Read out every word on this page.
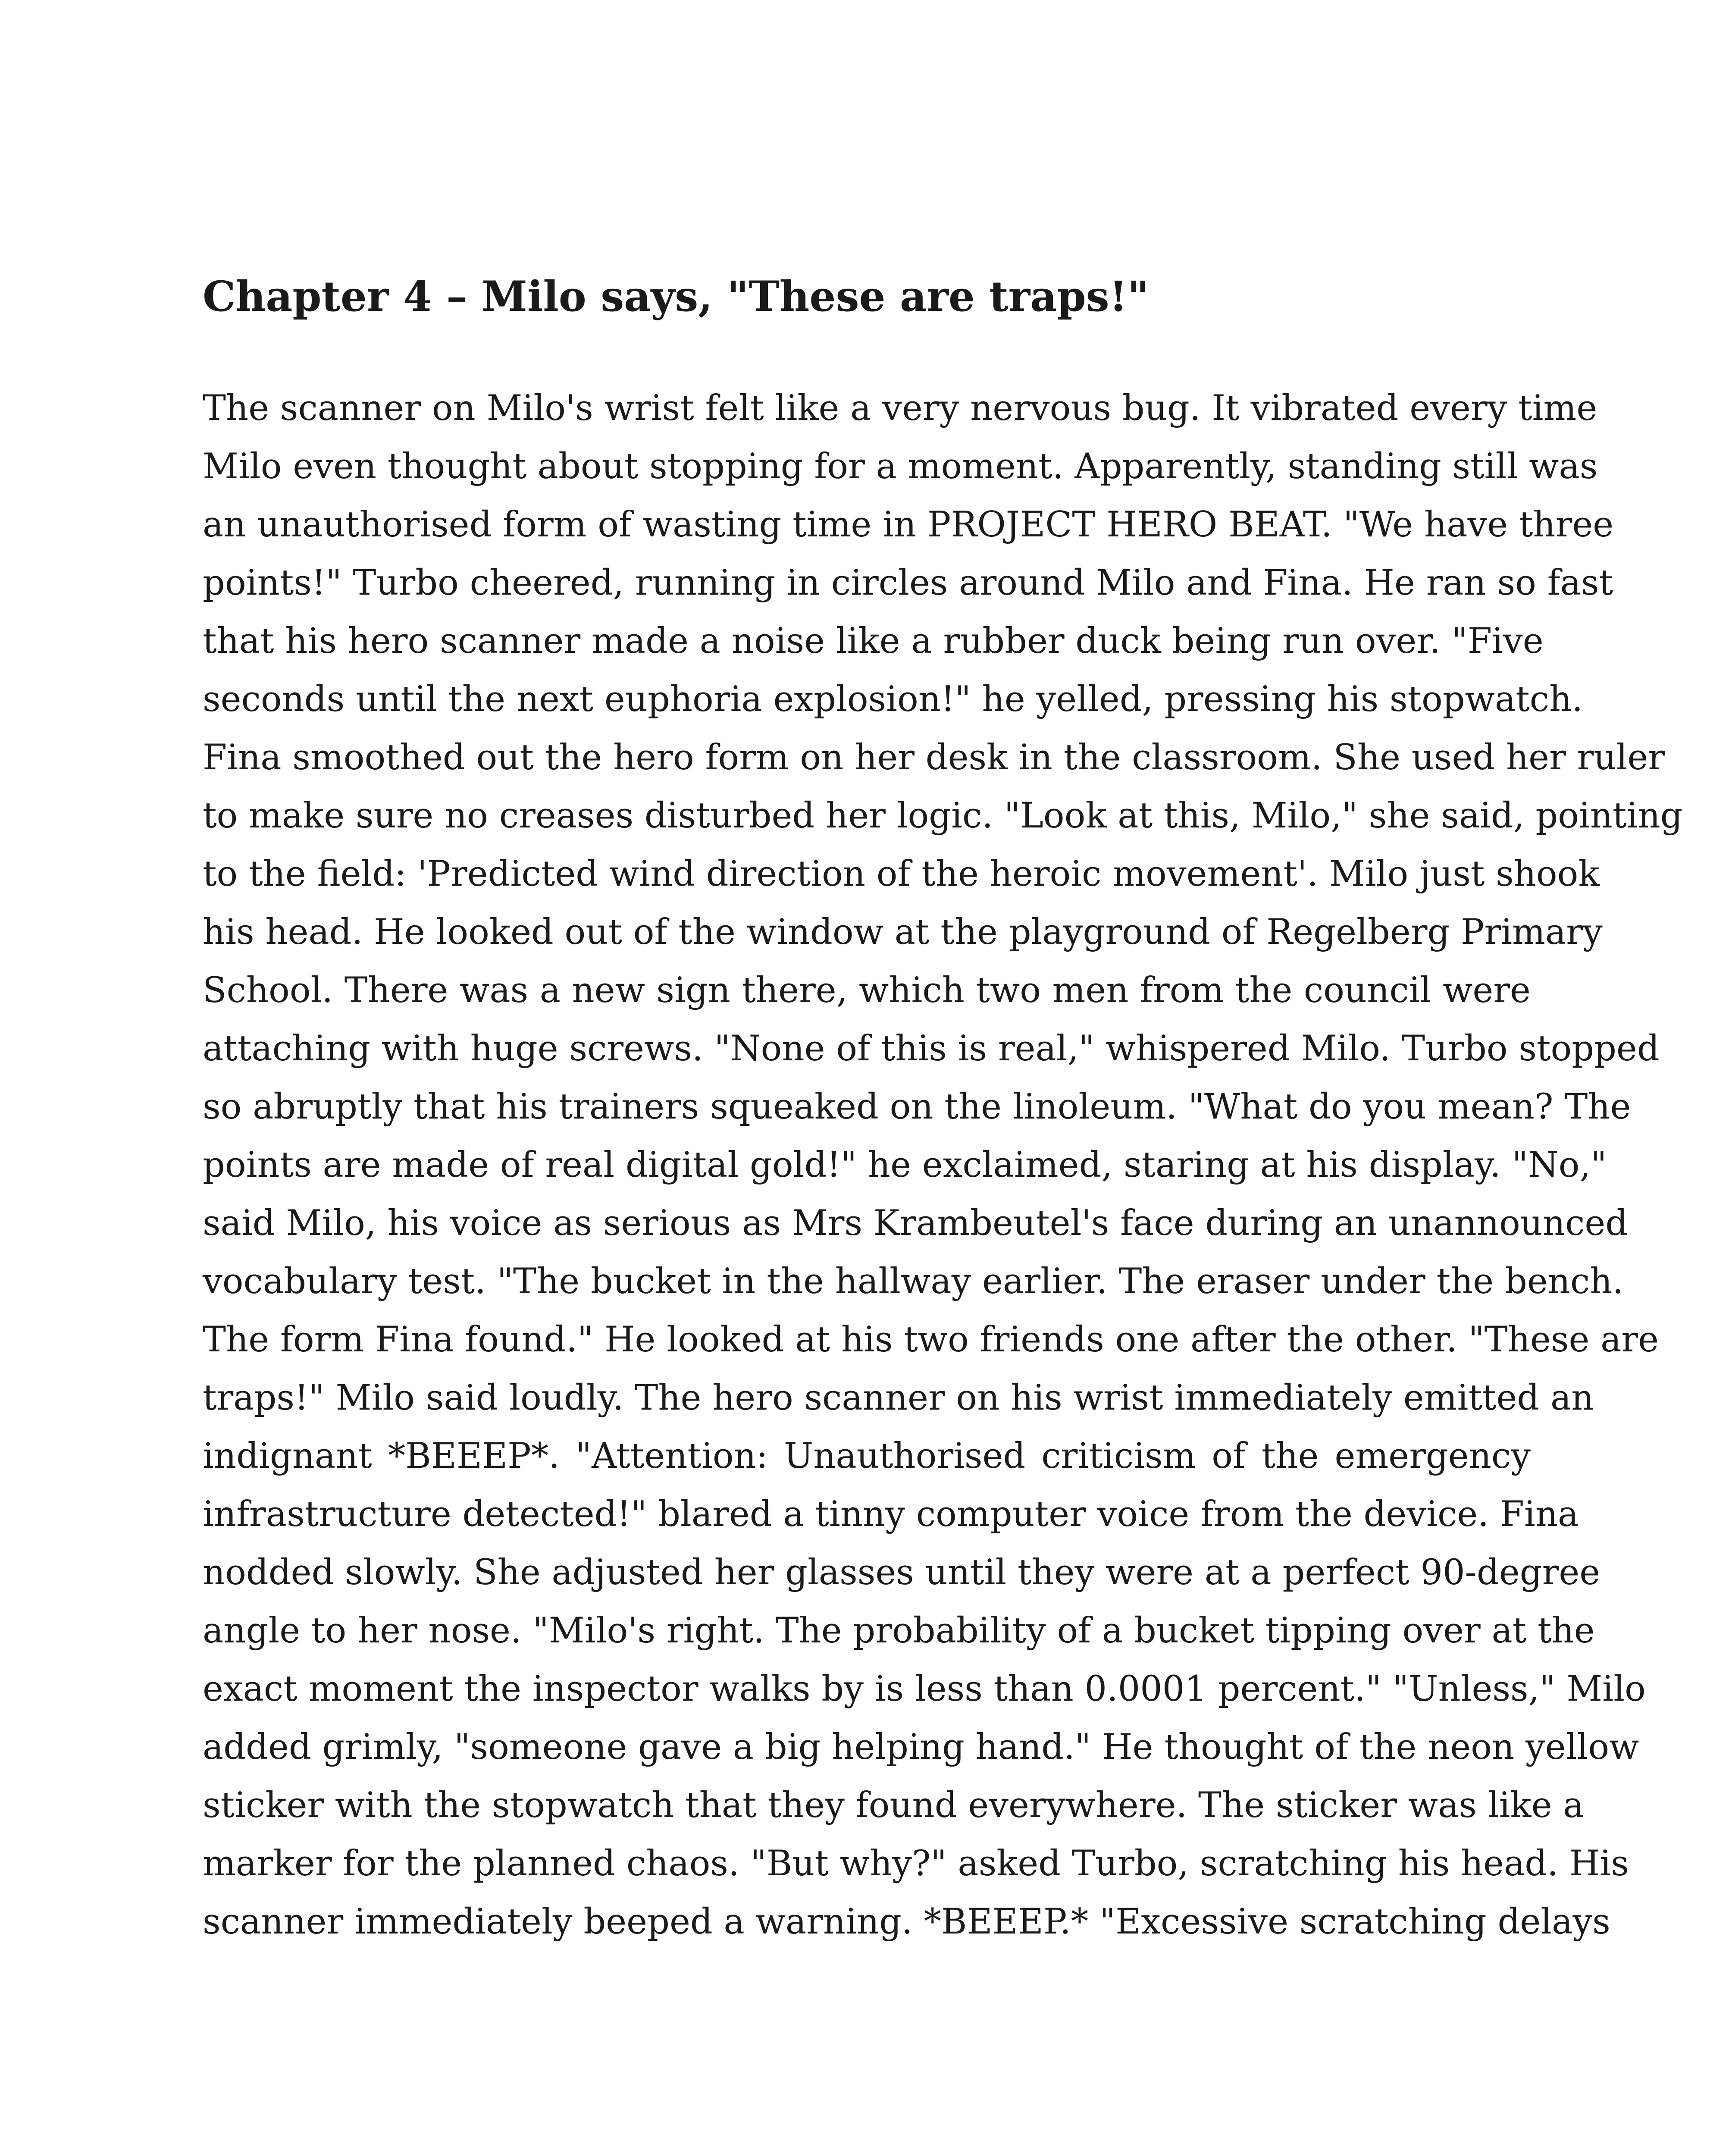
Chapter 4 – Milo says, "These are traps!"
The scanner on Milo's wrist felt like a very nervous bug. It vibrated every time
Milo even thought about stopping for a moment. Apparently, standing still was
an unauthorised form of wasting time in PROJECT HERO BEAT. "We have three
points!" Turbo cheered, running in circles around Milo and Fina. He ran so fast
that his hero scanner made a noise like a rubber duck being run over. "Five
seconds until the next euphoria explosion!" he yelled, pressing his stopwatch.
Fina smoothed out the hero form on her desk in the classroom. She used her ruler
to make sure no creases disturbed her logic. "Look at this, Milo," she said, pointing
to the field: 'Predicted wind direction of the heroic movement'. Milo just shook
his head. He looked out of the window at the playground of Regelberg Primary
School. There was a new sign there, which two men from the council were
attaching with huge screws. "None of this is real," whispered Milo. Turbo stopped
so abruptly that his trainers squeaked on the linoleum. "What do you mean? The
points are made of real digital gold!" he exclaimed, staring at his display. "No,"
said Milo, his voice as serious as Mrs Krambeutel's face during an unannounced
vocabulary test. "The bucket in the hallway earlier. The eraser under the bench.
The form Fina found." He looked at his two friends one after the other. "These are
traps!" Milo said loudly. The hero scanner on his wrist immediately emitted an
indignant *BEEEP*. "Attention: Unauthorised criticism of the emergency
infrastructure detected!" blared a tinny computer voice from the device. Fina
nodded slowly. She adjusted her glasses until they were at a perfect 90-degree
angle to her nose. "Milo's right. The probability of a bucket tipping over at the
exact moment the inspector walks by is less than 0.0001 percent." "Unless," Milo
added grimly, "someone gave a big helping hand." He thought of the neon yellow
sticker with the stopwatch that they found everywhere. The sticker was like a
marker for the planned chaos. "But why?" asked Turbo, scratching his head. His
scanner immediately beeped a warning. *BEEEP.* "Excessive scratching delays
